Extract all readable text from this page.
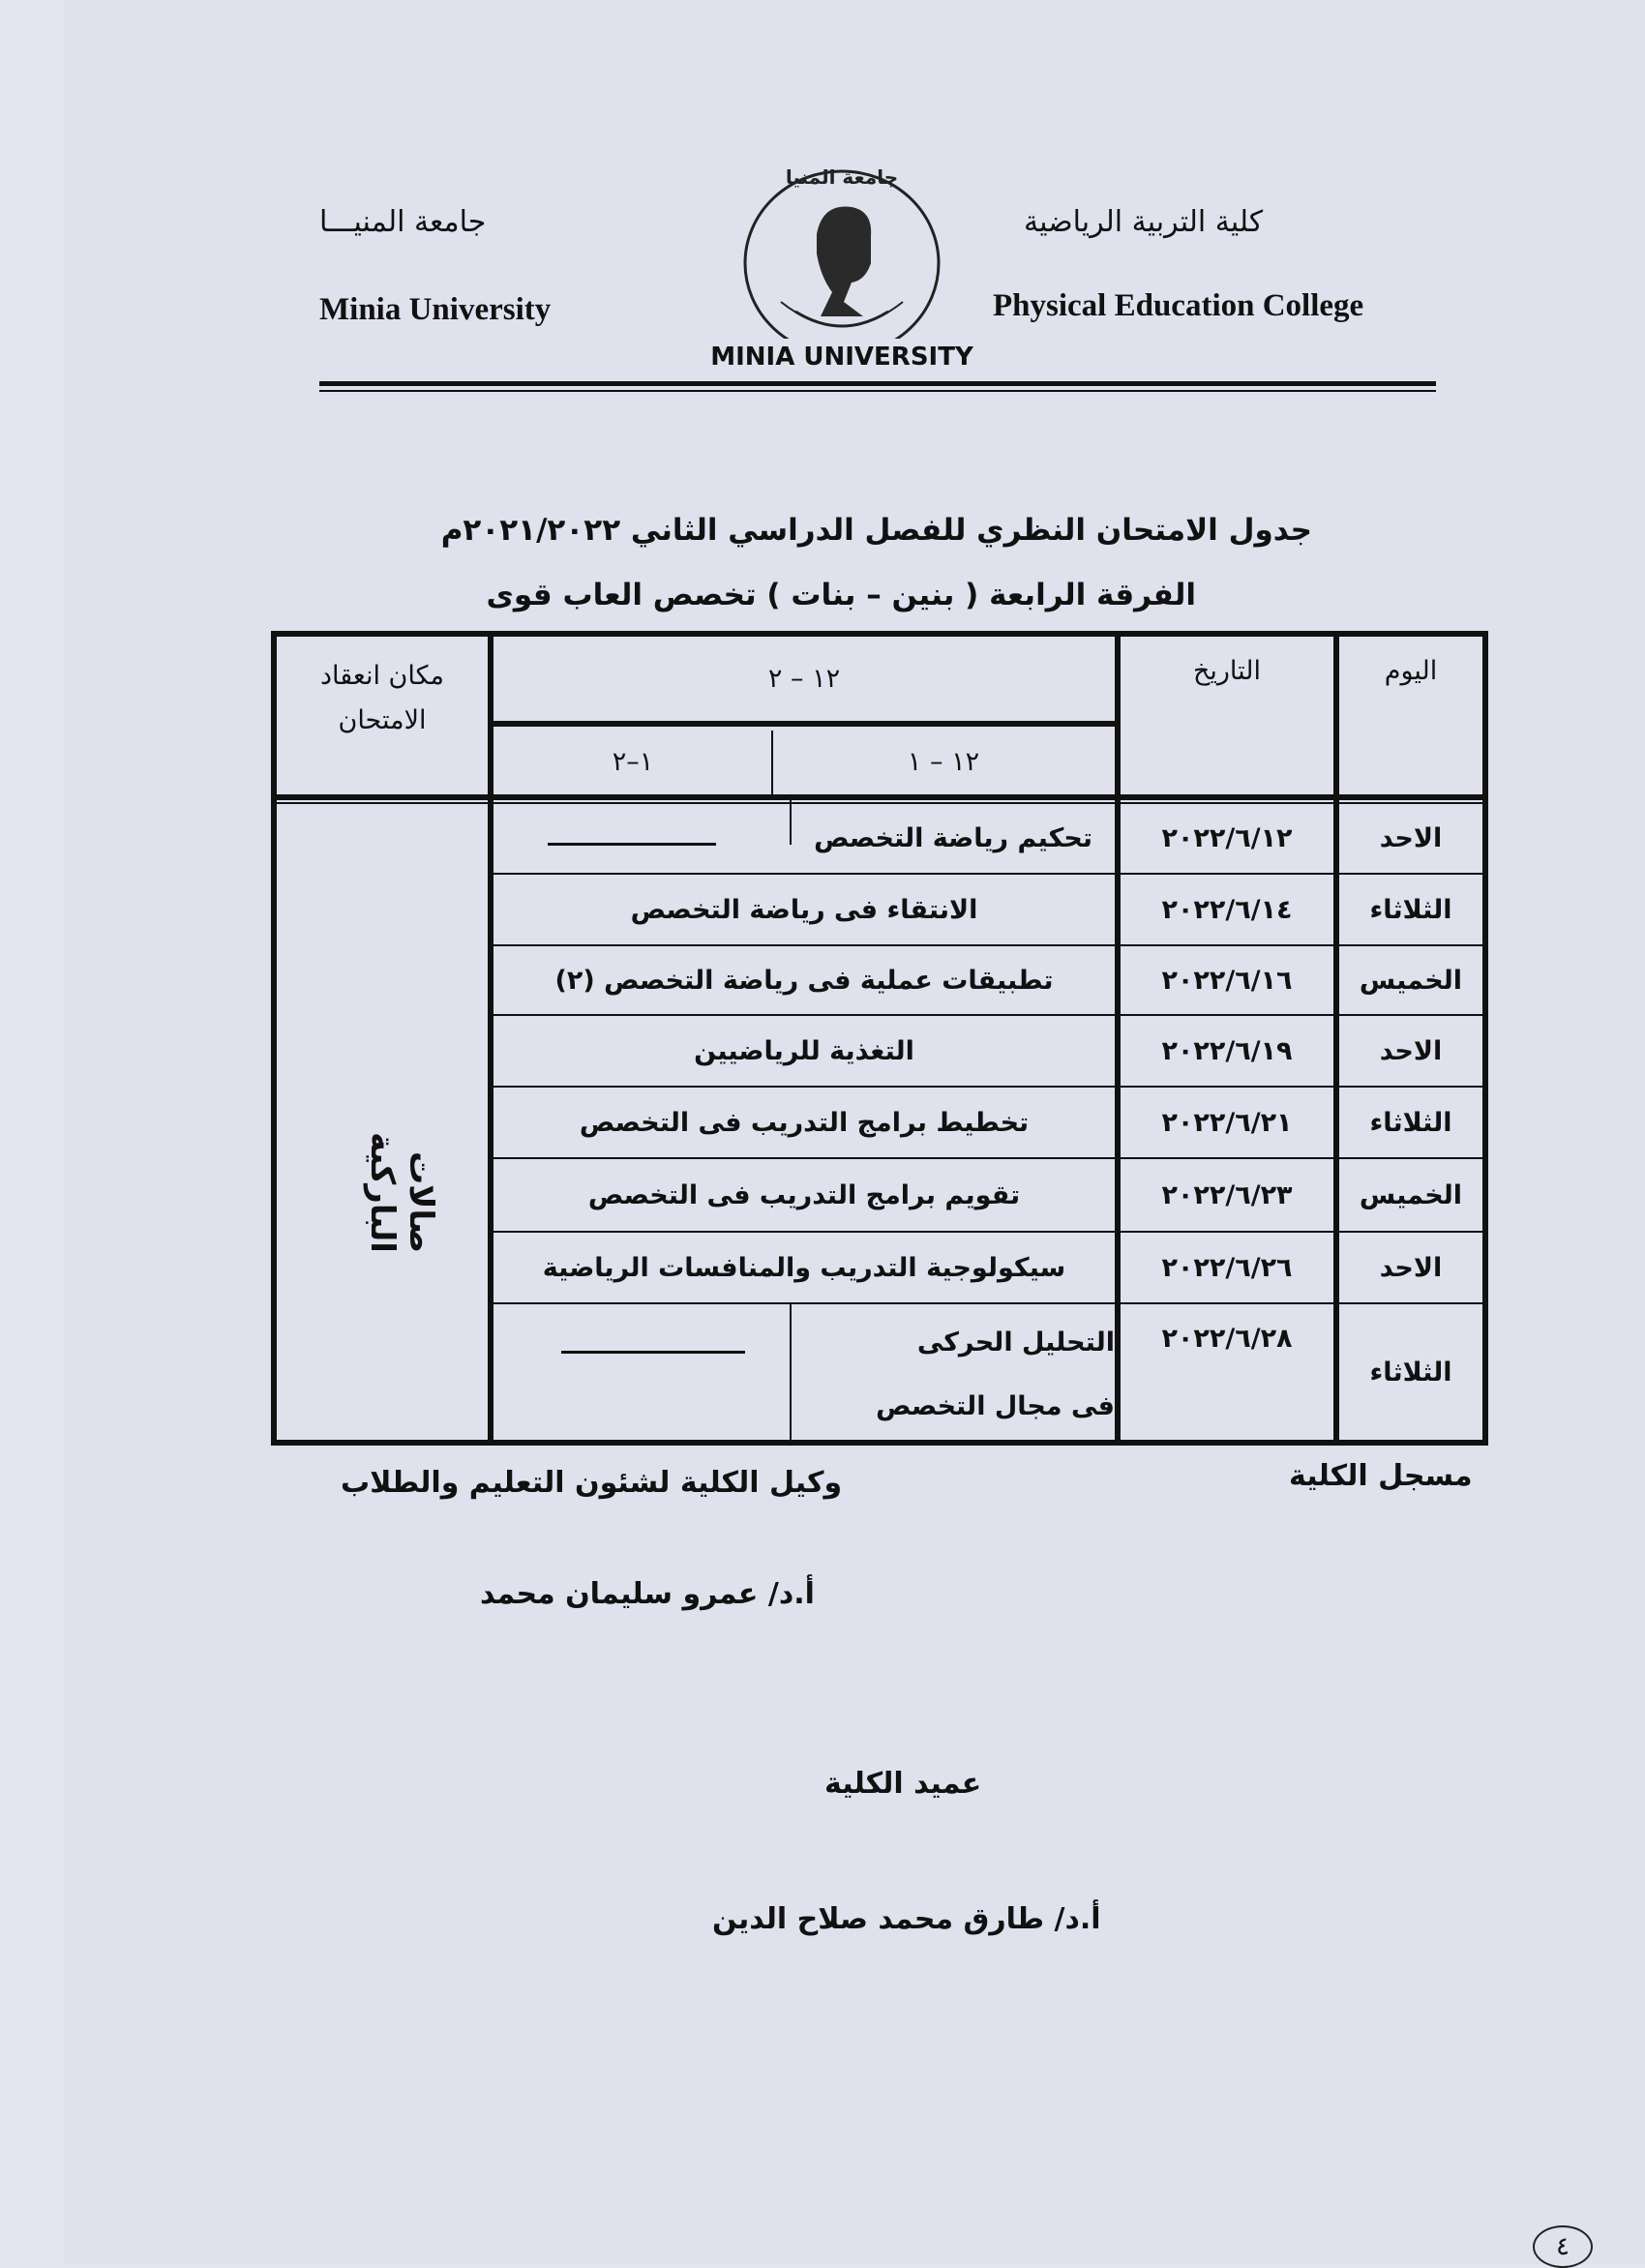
جامعة المنيـــا
Minia University
كلية التربية الرياضية
Physical Education College
جامعة المنيا
MINIA UNIVERSITY
جدول الامتحان النظري للفصل الدراسي الثاني ٢٠٢١/٢٠٢٢م
الفرقة الرابعة ( بنين – بنات ) تخصص العاب قوى
اليوم
التاريخ
١٢ – ٢
١٢ – ١
١–٢
مكان انعقاد الامتحان
صالات الباركية
الاحد
٢٠٢٢/٦/١٢
تحكيم رياضة التخصص
الثلاثاء
٢٠٢٢/٦/١٤
الانتقاء فى رياضة التخصص
الخميس
٢٠٢٢/٦/١٦
تطبيقات عملية فى رياضة التخصص (٢)
الاحد
٢٠٢٢/٦/١٩
التغذية للرياضيين
الثلاثاء
٢٠٢٢/٦/٢١
تخطيط برامج التدريب فى التخصص
الخميس
٢٠٢٢/٦/٢٣
تقويم برامج التدريب فى التخصص
الاحد
٢٠٢٢/٦/٢٦
سيكولوجية التدريب والمنافسات الرياضية
الثلاثاء
٢٠٢٢/٦/٢٨
التحليل الحركى
فى مجال التخصص
مسجل الكلية
وكيل الكلية لشئون التعليم والطلاب
أ.د/ عمرو سليمان محمد
عميد الكلية
أ.د/ طارق محمد صلاح الدين
٤
